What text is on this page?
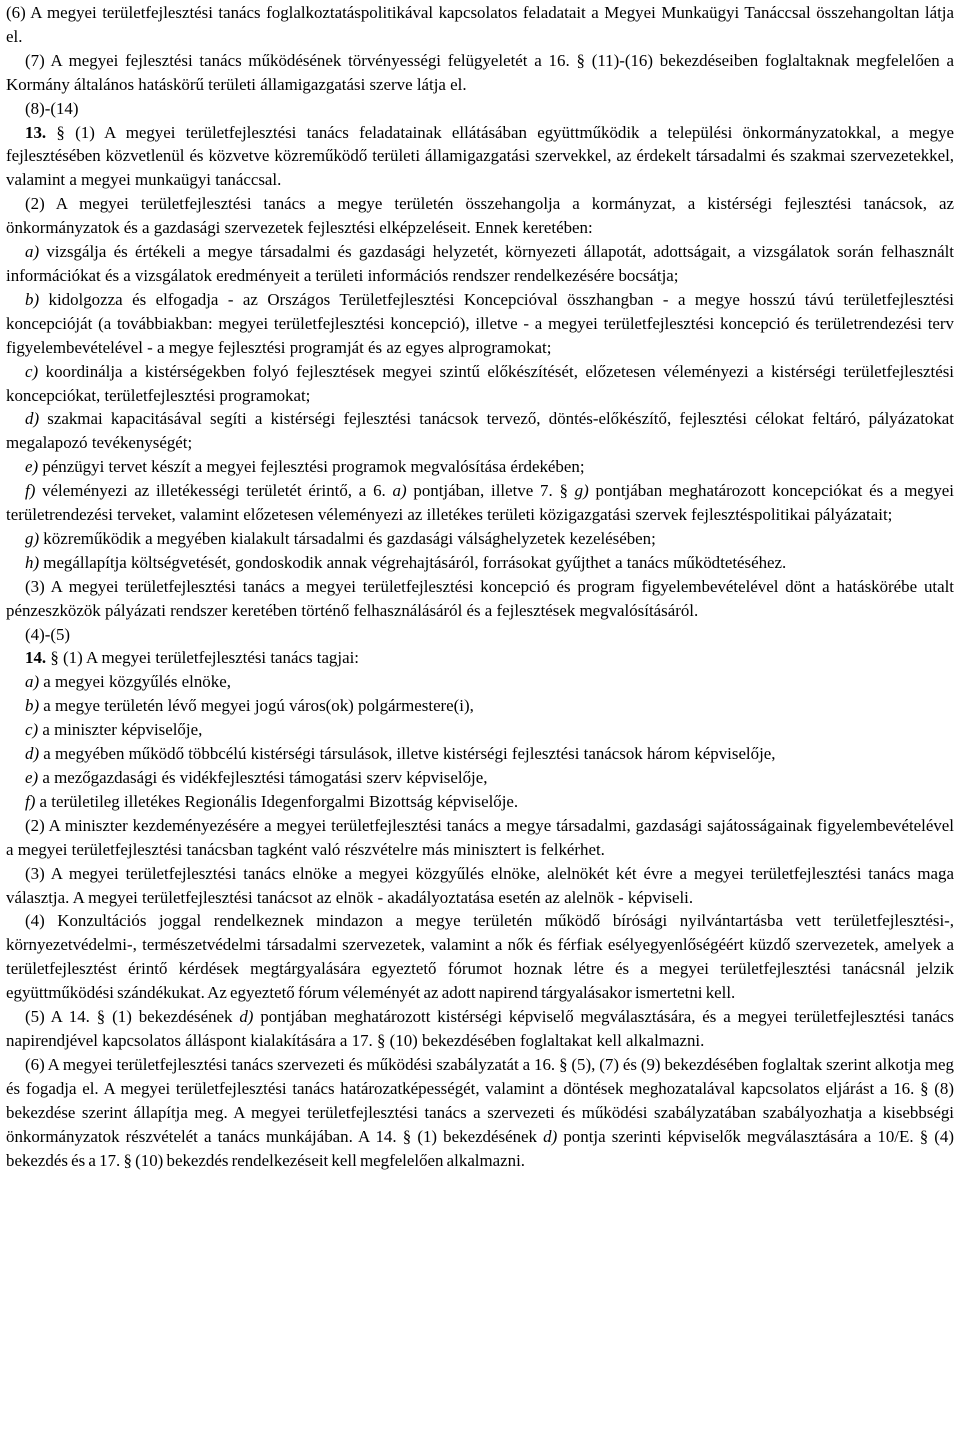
(6) A megyei területfejlesztési tanács foglalkoztatáspolitikával kapcsolatos feladatait a Megyei Munkaügyi Tanáccsal összehangoltan látja el.

(7) A megyei fejlesztési tanács működésének törvényességi felügyeletét a 16. § (11)-(16) bekezdéseiben foglaltaknak megfelelően a Kormány általános hatáskörű területi államigazgatási szerve látja el.

(8)-(14)

13. § (1) A megyei területfejlesztési tanács feladatainak ellátásában együttműködik a települési önkormányzatokkal, a megye fejlesztésében közvetlenül és közvetve közreműködő területi államigazgatási szervekkel, az érdekelt társadalmi és szakmai szervezetekkel, valamint a megyei munkaügyi tanáccsal.

(2) A megyei területfejlesztési tanács a megye területén összehangolja a kormányzat, a kistérségi fejlesztési tanácsok, az önkormányzatok és a gazdasági szervezetek fejlesztési elképzeléseit. Ennek keretében:

a) vizsgálja és értékeli a megye társadalmi és gazdasági helyzetét, környezeti állapotát, adottságait, a vizsgálatok során felhasznált információkat és a vizsgálatok eredményeit a területi információs rendszer rendelkezésére bocsátja;

b) kidolgozza és elfogadja - az Országos Területfejlesztési Koncepcióval összhangban - a megye hosszú távú területfejlesztési koncepcióját (a továbbiakban: megyei területfejlesztési koncepció), illetve - a megyei területfejlesztési koncepció és területrendezési terv figyelembevételével - a megye fejlesztési programját és az egyes alprogramokat;

c) koordinálja a kistérségekben folyó fejlesztések megyei szintű előkészítését, előzetesen véleményezi a kistérségi területfejlesztési koncepciókat, területfejlesztési programokat;

d) szakmai kapacitásával segíti a kistérségi fejlesztési tanácsok tervező, döntés-előkészítő, fejlesztési célokat feltáró, pályázatokat megalapozó tevékenységét;

e) pénzügyi tervet készít a megyei fejlesztési programok megvalósítása érdekében;

f) véleményezi az illetékességi területét érintő, a 6. a) pontjában, illetve 7. § g) pontjában meghatározott koncepciókat és a megyei területrendezési terveket, valamint előzetesen véleményezi az illetékes területi közigazgatási szervek fejlesztéspolitikai pályázatait;

g) közreműködik a megyében kialakult társadalmi és gazdasági válsághelyzetek kezelésében;

h) megállapítja költségvetését, gondoskodik annak végrehajtásáról, forrásokat gyűjthet a tanács működtetéséhez.

(3) A megyei területfejlesztési tanács a megyei területfejlesztési koncepció és program figyelembevételével dönt a hatáskörébe utalt pénzeszközök pályázati rendszer keretében történő felhasználásáról és a fejlesztések megvalósításáról.

(4)-(5)

14. § (1) A megyei területfejlesztési tanács tagjai:

a) a megyei közgyűlés elnöke,

b) a megye területén lévő megyei jogú város(ok) polgármestere(i),

c) a miniszter képviselője,

d) a megyében működő többcélú kistérségi társulások, illetve kistérségi fejlesztési tanácsok három képviselője,

e) a mezőgazdasági és vidékfejlesztési támogatási szerv képviselője,

f) a területileg illetékes Regionális Idegenforgalmi Bizottság képviselője.

(2) A miniszter kezdeményezésére a megyei területfejlesztési tanács a megye társadalmi, gazdasági sajátosságainak figyelembevételével a megyei területfejlesztési tanácsban tagként való részvételre más minisztert is felkérhet.

(3) A megyei területfejlesztési tanács elnöke a megyei közgyűlés elnöke, alelnökét két évre a megyei területfejlesztési tanács maga választja. A megyei területfejlesztési tanácsot az elnök - akadályoztatása esetén az alelnök - képviseli.

(4) Konzultációs joggal rendelkeznek mindazon a megye területén működő bírósági nyilvántartásba vett területfejlesztési-, környezetvédelmi-, természetvédelmi társadalmi szervezetek, valamint a nők és férfiak esélyegyenlőségéért küzdő szervezetek, amelyek a területfejlesztést érintő kérdések megtárgyalására egyeztető fórumot hoznak létre és a megyei területfejlesztési tanácsnál jelzik együttműködési szándékukat. Az egyeztető fórum véleményét az adott napirend tárgyalásakor ismertetni kell.

(5) A 14. § (1) bekezdésének d) pontjában meghatározott kistérségi képviselő megválasztására, és a megyei területfejlesztési tanács napirendjével kapcsolatos álláspont kialakítására a 17. § (10) bekezdésében foglaltakat kell alkalmazni.

(6) A megyei területfejlesztési tanács szervezeti és működési szabályzatát a 16. § (5), (7) és (9) bekezdésében foglaltak szerint alkotja meg és fogadja el. A megyei területfejlesztési tanács határozatképességét, valamint a döntések meghozatalával kapcsolatos eljárást a 16. § (8) bekezdése szerint állapítja meg. A megyei területfejlesztési tanács a szervezeti és működési szabályzatában szabályozhatja a kisebbségi önkormányzatok részvételét a tanács munkájában. A 14. § (1) bekezdésének d) pontja szerinti képviselők megválasztására a 10/E. § (4) bekezdés és a 17. § (10) bekezdés rendelkezéseit kell megfelelően alkalmazni.
